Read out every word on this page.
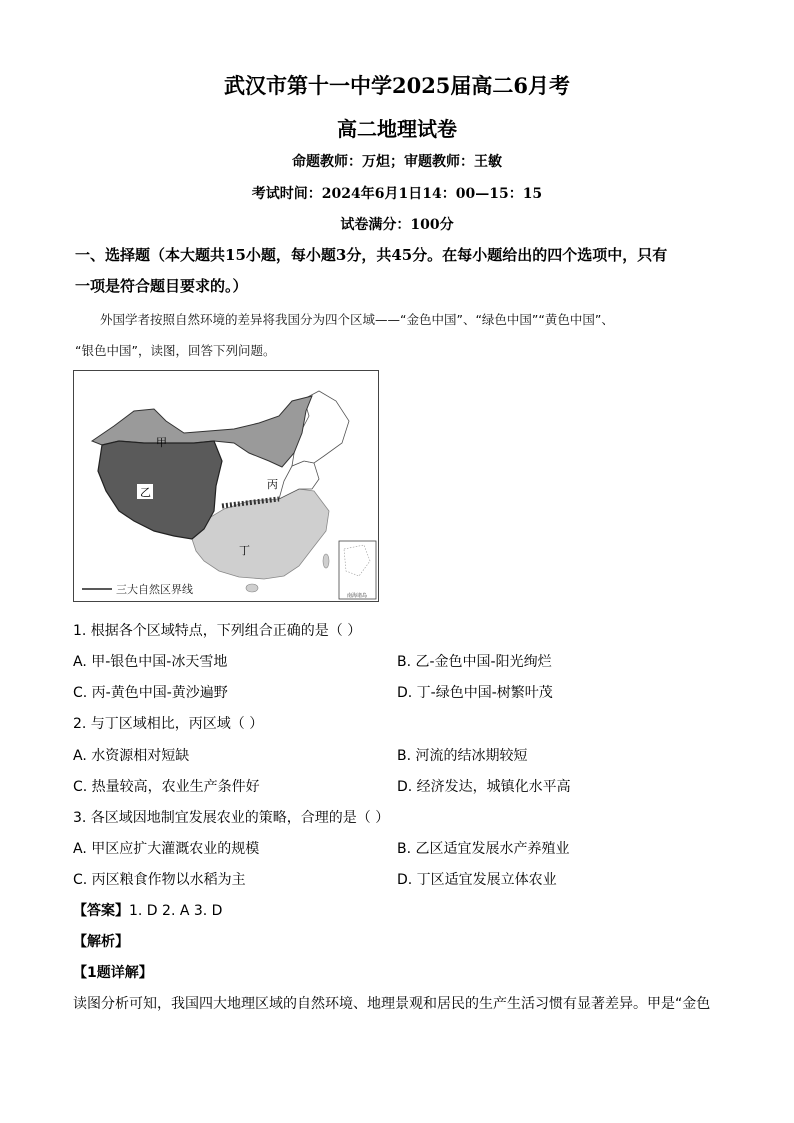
武汉市第十一中学2025届高二6月考
高二地理试卷
命题教师：万炟；审题教师：王敏
考试时间：2024年6月1日14：00—15：15
试卷满分：100分
一、选择题（本大题共15小题，每小题3分，共45分。在每小题给出的四个选项中，只有
一项是符合题目要求的。）
外国学者按照自然环境的差异将我国分为四个区域——“金色中国”、“绿色中国”“黄色中国”、
“银色中国”，读图，回答下列问题。
南海诸岛
甲
乙
丙
丁
三大自然区界线
1. 根据各个区域特点，下列组合正确的是（ ）
A. 甲-银色中国-冰天雪地	B. 乙-金色中国-阳光绚烂
C. 丙-黄色中国-黄沙遍野	D. 丁-绿色中国-树繁叶茂
2. 与丁区域相比，丙区域（ ）
A. 水资源相对短缺	B. 河流的结冰期较短
C. 热量较高，农业生产条件好	D. 经济发达，城镇化水平高
3. 各区域因地制宜发展农业的策略，合理的是（ ）
A. 甲区应扩大灌溉农业的规模	B. 乙区适宜发展水产养殖业
C. 丙区粮食作物以水稻为主	D. 丁区适宜发展立体农业
【答案】1. D 2. A 3. D
【解析】
【1题详解】
读图分析可知，我国四大地理区域的自然环境、地理景观和居民的生产生活习惯有显著差异。甲是“金色
